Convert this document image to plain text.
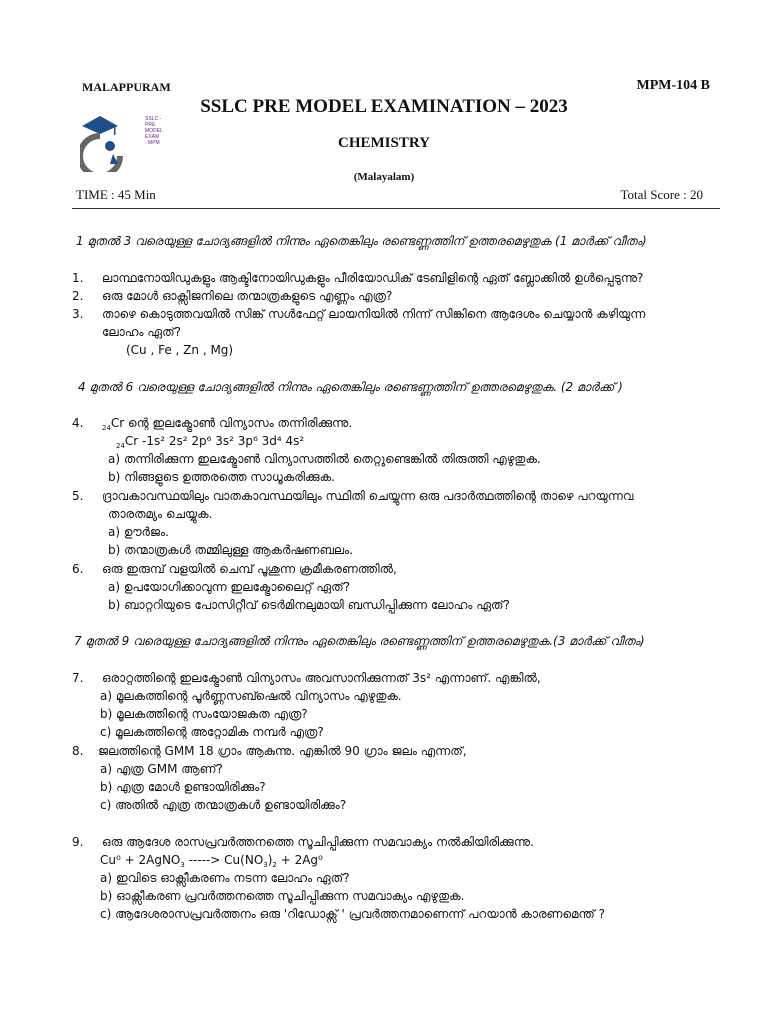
MALAPPURAM	MPM-104 B
SSLC PRE MODEL EXAMINATION – 2023
SSLC - PRE
MODEL
EXAM
- MPM	CHEMISTRY
(Malayalam)
TIME : 45 Min	Total Score : 20
1 മുതൽ 3 വരെയുള്ള ചോദ്യങ്ങളിൽ നിന്നും ഏതെങ്കിലും രണ്ടെണ്ണത്തിന് ഉത്തരമെഴുതുക (1 മാർക്ക് വീതം)
1. ലാന്ഥനോയിഡുകളും ആക്ടിനോയിഡുകളും പീരിയോഡിക് ടേബിളിന്റെ ഏത് ബ്ലോക്കിൽ ഉൾപ്പെടുന്നു?
2. ഒരു മോൾ ഓക്സിജനിലെ തന്മാത്രകളുടെ എണ്ണം എത്ര?
3. താഴെ കൊടുത്തവയിൽ സിങ്ക് സൾഫേറ്റ് ലായനിയിൽ നിന്ന് സിങ്കിനെ ആദേശം ചെയ്യാൻ കഴിയുന്ന
ലോഹം ഏത്?
(Cu , Fe , Zn , Mg)
4 മുതൽ 6 വരെയുള്ള ചോദ്യങ്ങളിൽ നിന്നും ഏതെങ്കിലും രണ്ടെണ്ണത്തിന് ഉത്തരമെഴുതുക. (2 മാർക്ക് )
4.	$_{24}$Cr ന്റെ ഇലക്ട്രോൺ വിന്യാസം തന്നിരിക്കുന്നു.
$_{24}$Cr -1s² 2s² 2p⁶ 3s² 3p⁶ 3d⁴ 4s²
a) തന്നിരിക്കുന്ന ഇലക്ട്രോൺ വിന്യാസത്തിൽ തെറ്റുണ്ടെങ്കിൽ തിരുത്തി എഴുതുക.
b) നിങ്ങളുടെ ഉത്തരത്തെ സാധൂകരിക്കുക.
5. ദ്രാവകാവസ്ഥയിലും വാതകാവസ്ഥയിലും സ്ഥിതി ചെയ്യുന്ന ഒരു പദാർത്ഥത്തിന്റെ താഴെ പറയുന്നവ
താരതമ്യം ചെയ്യുക.
a) ഊർജം.
b) തന്മാത്രകൾ തമ്മിലുള്ള ആകർഷണബലം.
6. ഒരു ഇരുമ്പ് വളയിൽ ചെമ്പ് പൂശുന്ന ക്രമീകരണത്തിൽ,
a) ഉപയോഗിക്കാവുന്ന ഇലക്ട്രോലൈറ്റ് ഏത്?
b) ബാറ്ററിയുടെ പോസിറ്റീവ് ടെർമിനലുമായി ബന്ധിപ്പിക്കുന്ന ലോഹം ഏത്?
7 മുതൽ 9 വരെയുള്ള ചോദ്യങ്ങളിൽ നിന്നും ഏതെങ്കിലും രണ്ടെണ്ണത്തിന് ഉത്തരമെഴുതുക.(3 മാർക്ക് വീതം)
7. ഒരാറ്റത്തിന്റെ ഇലക്ട്രോൺ വിന്യാസം അവസാനിക്കുന്നത് 3s² എന്നാണ്. എങ്കിൽ,
a) മൂലകത്തിന്റെ പൂർണ്ണസബ്ഷെൽ വിന്യാസം എഴുതുക.
b) മൂലകത്തിന്റെ സംയോജകത എത്ര?
c) മൂലകത്തിന്റെ അറ്റോമിക നമ്പർ എത്ര?
8. ജലത്തിന്റെ GMM 18 ഗ്രാം ആകുന്നു. എങ്കിൽ 90 ഗ്രാം ജലം എന്നത്,
a) എത്ര GMM ആണ്?
b) എത്ര മോൾ ഉണ്ടായിരിക്കും?
c) അതിൽ എത്ര തന്മാത്രകൾ ഉണ്ടായിരിക്കും?
9. ഒരു ആദേശ രാസപ്രവർത്തനത്തെ സൂചിപ്പിക്കുന്ന സമവാക്യം നൽകിയിരിക്കുന്നു.
Cu⁰ + 2AgNO$_3$ -----> $Cu(NO_3)_2 + 2Ag^0$
a) ഇവിടെ ഓക്സീകരണം നടന്ന ലോഹം ഏത്?
b) ഓക്സീകരണ പ്രവർത്തനത്തെ സൂചിപ്പിക്കുന്ന സമവാക്യം എഴുതുക.
c) ആദേശരാസപ്രവർത്തനം ഒരു 'റിഡോക്സ് ' പ്രവർത്തനമാണെന്ന് പറയാൻ കാരണമെന്ത് ?
